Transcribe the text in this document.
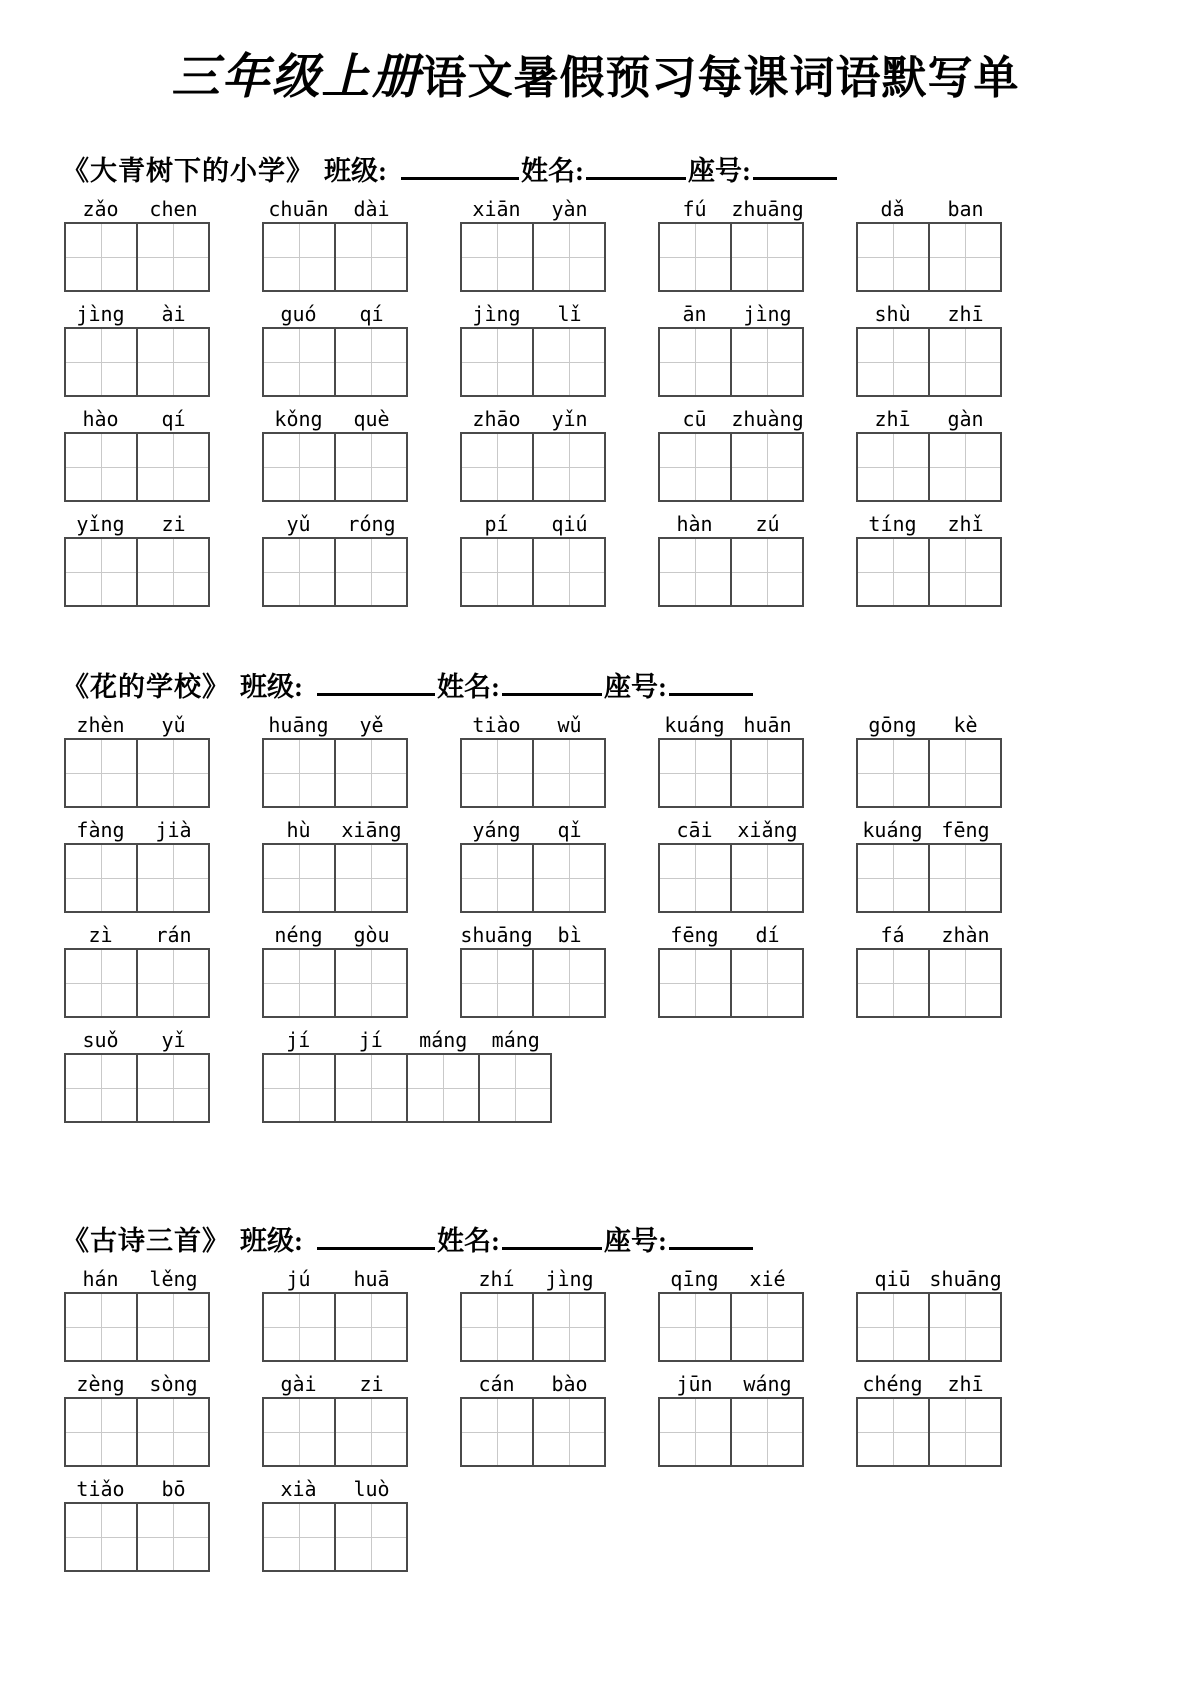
三年级上册语文暑假预习每课词语默写单
《大青树下的小学》 班级:	姓名:	座号:
zǎo	chen	chuān	dài	xiān	yàn	fú	zhuāng	dǎ	ban
jìng	ài	guó	qí	jìng	lǐ	ān	jìng	shù	zhī
hào	qí	kǒng	què	zhāo	yǐn	cū	zhuàng	zhī	gàn
yǐng	zi	yǔ	róng	pí	qiú	hàn	zú	tíng	zhǐ
《花的学校》 班级:	姓名:	座号:
zhèn	yǔ	huāng	yě	tiào	wǔ	kuáng huān	gōng	kè
fàng	jià	hù	xiāng	yáng	qǐ	cāi	xiǎng	kuáng fēng
zì	rán	néng	gòu	shuāng	bì	fēng	dí	fá	zhàn
suǒ	yǐ	jí	jí	máng	máng
《古诗三首》 班级:	姓名:	座号:
hán	lěng	jú	huā	zhí	jìng	qīng	xié	qiū shuāng
zèng	sòng	gài	zi	cán	bào	jūn	wáng	chéng	zhī
tiǎo	bō	xià	luò
